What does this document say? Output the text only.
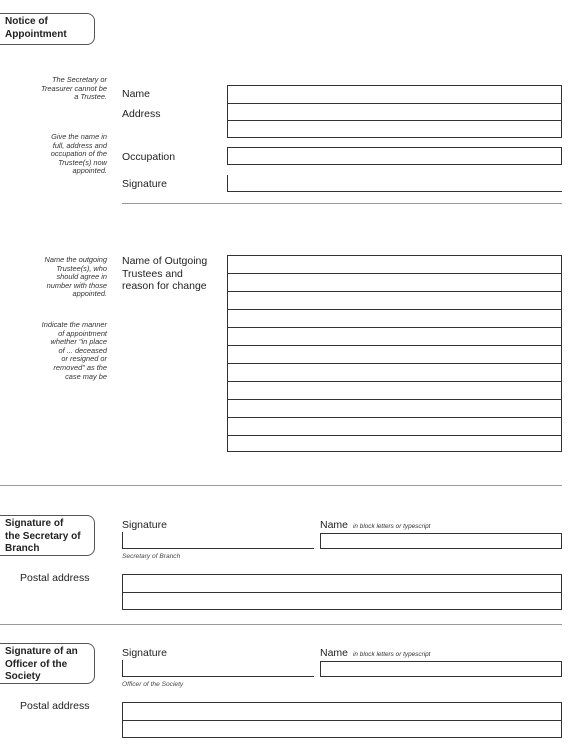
Notice of
Appointment
The Secretary or
Treasurer cannot be
a Trustee.
Give the name in
full, address and
occupation of the
Trustee(s) now
appointed.
Name
Address
Occupation
Signature
Name the outgoing
Trustee(s), who
should agree in
number with those
appointed.
Indicate the manner
of appointment
whether "in place
of ... deceased
or resigned or
removed" as the
case may be
Name of Outgoing
Trustees and
reason for change
Signature of
the Secretary of
Branch
Signature
Secretary of Branch
Name in block letters or typescript
Postal address
Signature of an
Officer of the
Society
Signature
Officer of the Society
Name in block letters or typescript
Postal address
